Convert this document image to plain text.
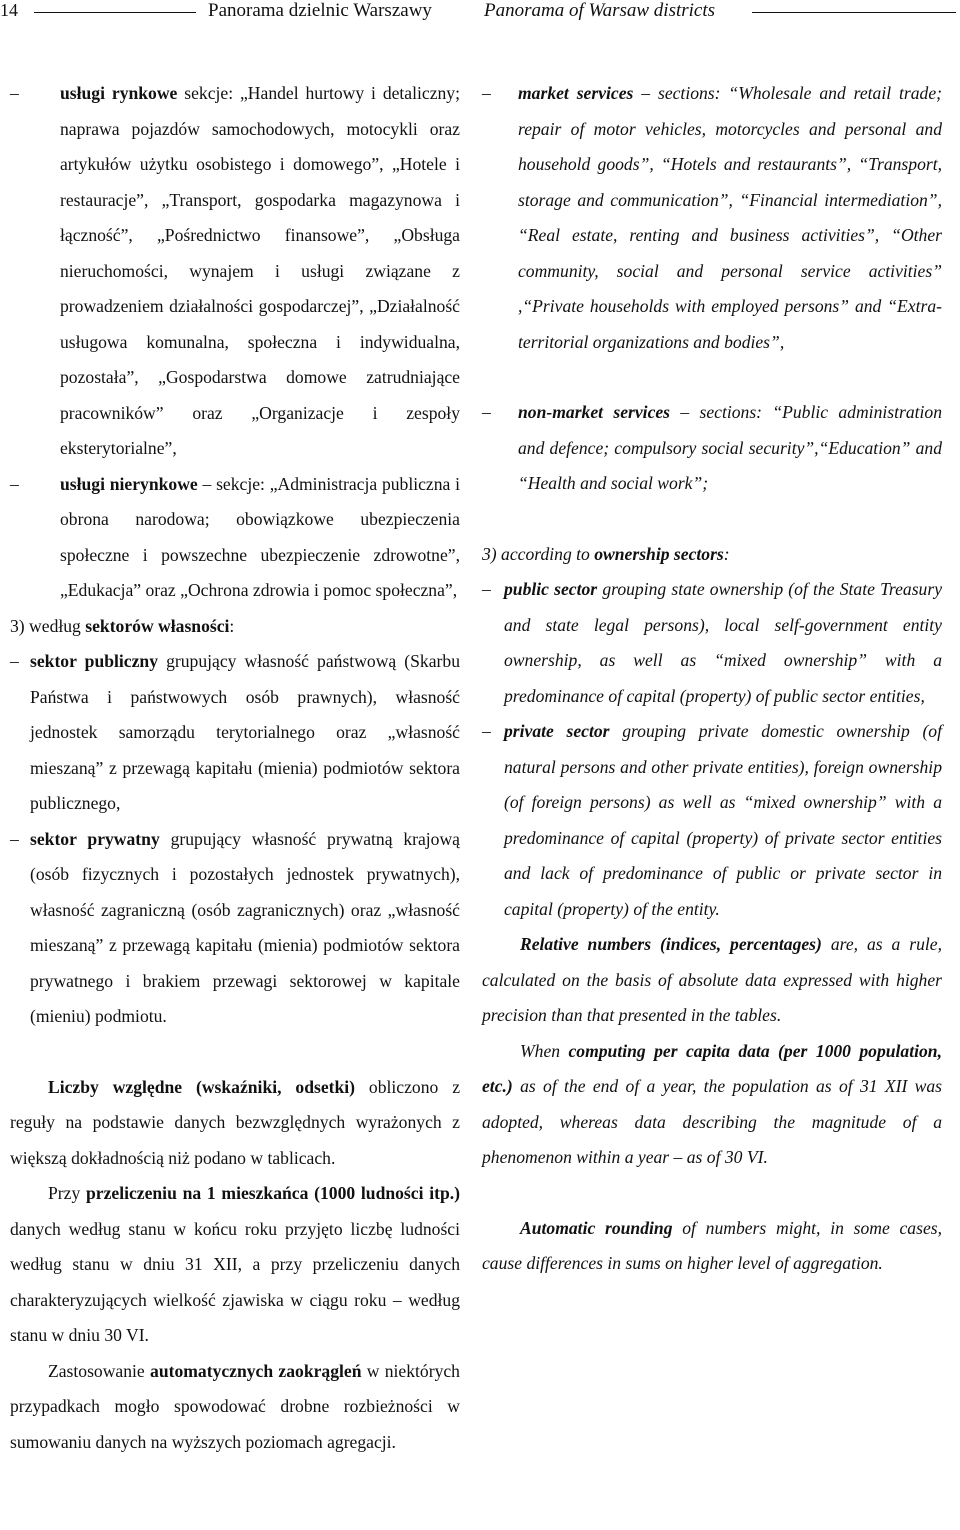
14	Panorama dzielnic Warszawy	Panorama of Warsaw districts

– usługi rynkowe sekcje: „Handel hurtowy i detaliczny; naprawa pojazdów samochodowych, motocykli oraz artykułów użytku osobistego i domowego”, „Hotele i restauracje”, „Transport, gospodarka magazynowa i łączność”, „Pośrednictwo finansowe”, „Obsługa nieruchomości, wynajem i usługi związane z prowadzeniem działalności gospodarczej”, „Działalność usługowa komunalna, społeczna i indywidualna, pozostała”, „Gospodarstwa domowe zatrudniające pracowników” oraz „Organizacje i zespoły eksterytorialne”,

– usługi nierynkowe – sekcje: „Administracja publiczna i obrona narodowa; obowiązkowe ubezpieczenia społeczne i powszechne ubezpieczenie zdrowotne”, „Edukacja” oraz „Ochrona zdrowia i pomoc społeczna”,

3) według sektorów własności:

– sektor publiczny grupujący własność państwową (Skarbu Państwa i państwowych osób prawnych), własność jednostek samorządu terytorialnego oraz „własność mieszaną” z przewagą kapitału (mienia) podmiotów sektora publicznego,

– sektor prywatny grupujący własność prywatną krajową (osób fizycznych i pozostałych jednostek prywatnych), własność zagraniczną (osób zagranicznych) oraz „własność mieszaną” z przewagą kapitału (mienia) podmiotów sektora prywatnego i brakiem przewagi sektorowej w kapitale (mieniu) podmiotu.

Liczby względne (wskaźniki, odsetki) obliczono z reguły na podstawie danych bezwzględnych wyrażonych z większą dokładnością niż podano w tablicach.

Przy przeliczeniu na 1 mieszkańca (1000 ludności itp.) danych według stanu w końcu roku przyjęto liczbę ludności według stanu w dniu 31 XII, a przy przeliczeniu danych charakteryzujących wielkość zjawiska w ciągu roku – według stanu w dniu 30 VI.

Zastosowanie automatycznych zaokrągleń w niektórych przypadkach mogło spowodować drobne rozbieżności w sumowaniu danych na wyższych poziomach agregacji.

– market services – sections: “Wholesale and retail trade; repair of motor vehicles, motorcycles and personal and household goods”, “Hotels and restaurants”, “Transport, storage and communication”, “Financial intermediation”, “Real estate, renting and business activities”, “Other community, social and personal service activities” ,“Private households with employed persons” and “Extra-territorial organizations and bodies”,

– non-market services – sections: “Public administration and defence; compulsory social security”,“Education” and “Health and social work”;

3) according to ownership sectors:

– public sector grouping state ownership (of the State Treasury and state legal persons), local self-government entity ownership, as well as “mixed ownership” with a predominance of capital (property) of public sector entities,

– private sector grouping private domestic ownership (of natural persons and other private entities), foreign ownership (of foreign persons) as well as “mixed ownership” with a predominance of capital (property) of private sector entities and lack of predominance of public or private sector in capital (property) of the entity.

Relative numbers (indices, percentages) are, as a rule, calculated on the basis of absolute data expressed with higher precision than that presented in the tables.

When computing per capita data (per 1000 population, etc.) as of the end of a year, the population as of 31 XII was adopted, whereas data describing the magnitude of a phenomenon within a year – as of 30 VI.

Automatic rounding of numbers might, in some cases, cause differences in sums on higher level of aggregation.
